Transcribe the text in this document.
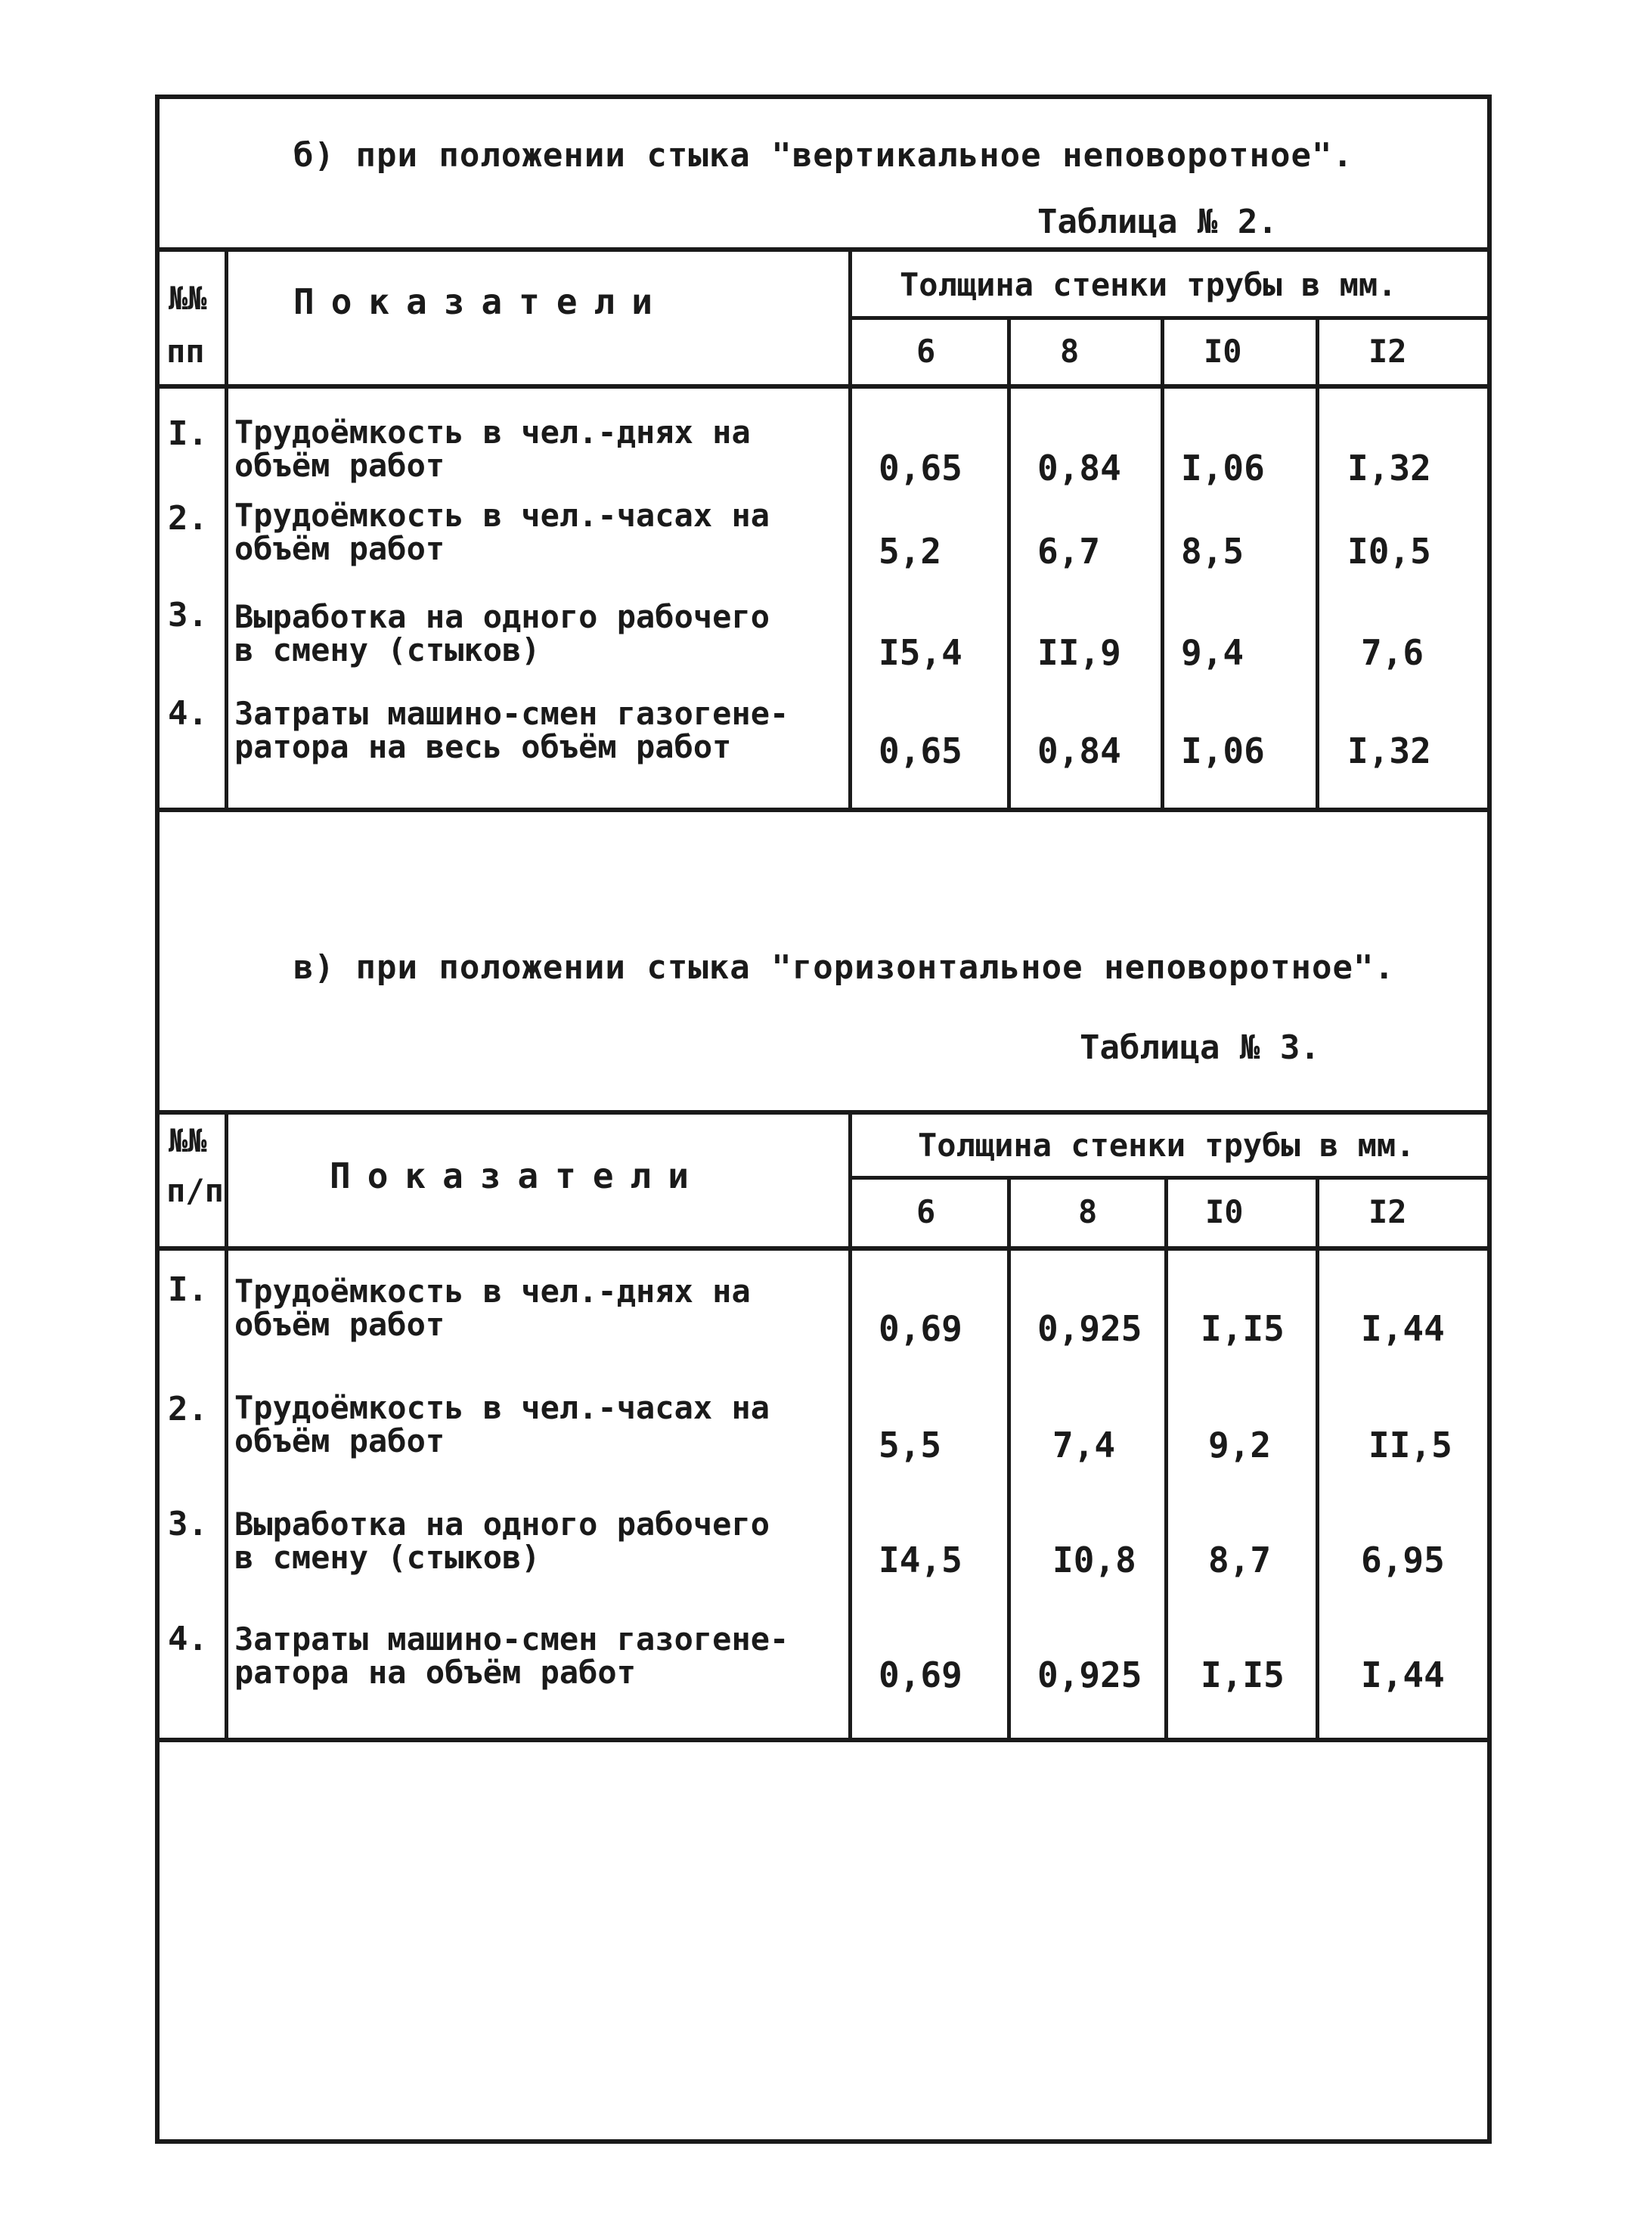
б) при положении стыка "вертикальное неповоротное".
Таблица № 2.
№№
пп
Показатели	Толщина стенки трубы в мм.
6	8	I0	I2
I. Трудоёмкость в чел.-днях на
объём работ	0,65 0,84 I,06 I,32
2. Трудоёмкость в чел.-часах на
объём работ	5,2	6,7 8,5	I0,5
3. Выработка на одного рабочего
в смену (стыков)	I5,4 II,9 9,4	7,6
4. Затраты машино-смен газогене-
ратора на весь объём работ	0,65 0,84 I,06 I,32
в) при положении стыка "горизонтальное неповоротное".
Таблица № 3.
№№
п/п	Показатели
Толщина стенки трубы в мм.
6	8	I0	I2
I. Трудоёмкость в чел.-днях на
объём работ	0,69 0,925 I,I5 I,44
2. Трудоёмкость в чел.-часах на
объём работ	5,5	7,4	9,2	II,5
3. Выработка на одного рабочего
в смену (стыков)	I4,5	I0,8 8,7	6,95
4. Затраты машино-смен газогене-
ратора на объём работ	0,69 0,925 I,I5 I,44
